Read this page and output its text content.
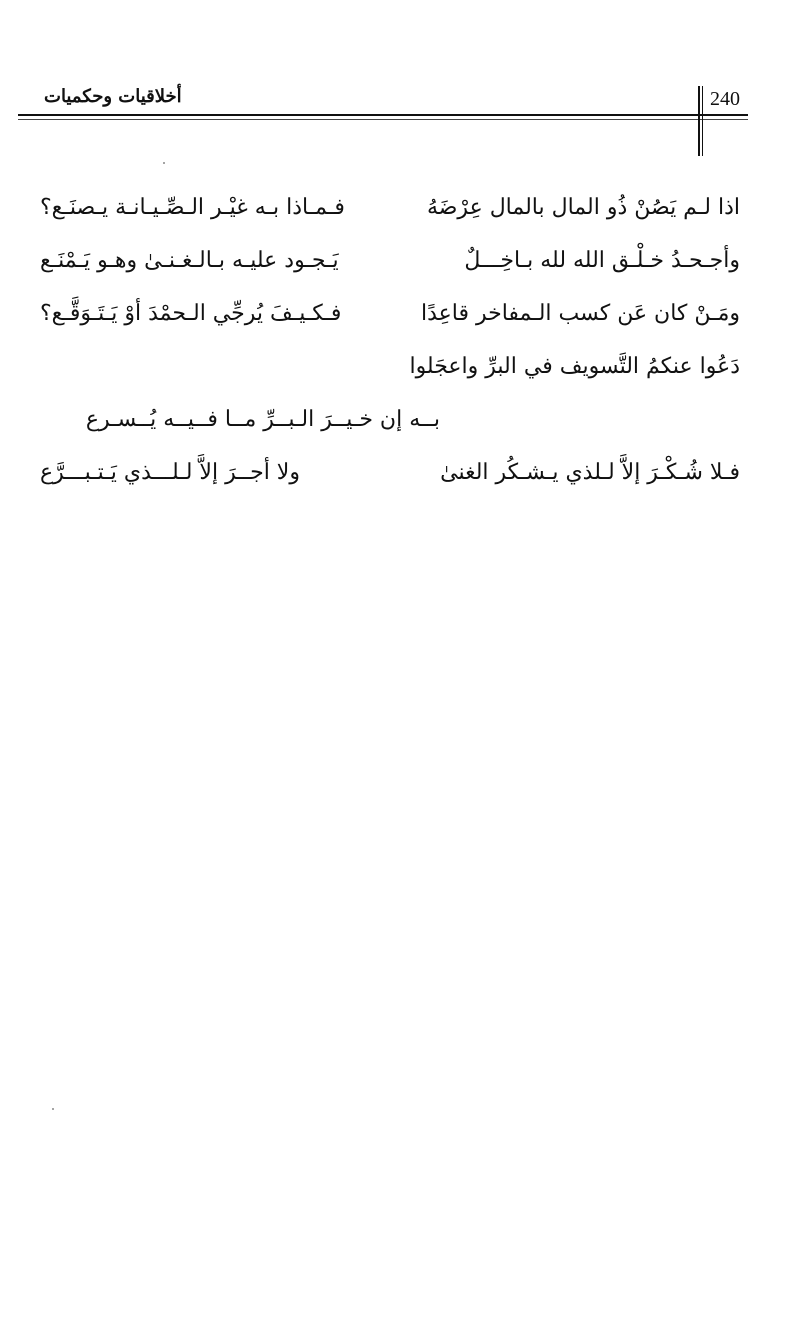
أخلاقيات وحكميات	240
اذا لـم يَصُنْ ذُو المال بالمال عِرْضَهُ
فـمـاذا بـه غيْـر الـصِّـيـانـة يـصنَـع؟
وأجـحـدُ خـلْـق الله لله بـاخِـــلٌ
يَـجـود عليـه بـالـغـنـىٰ وهـو يَـمْنَـع
ومَـنْ كان عَن كسب الـمفاخر قاعِدًا
فـكـيـفَ يُرجِّي الـحمْدَ أوْ يَـتَـوَقَّـع؟
دَعُوا عنكمُ التَّسويف في البرِّ واعجَلوا
بــه إن خـيــرَ الـبــرِّ مــا فــيــه يُــسـرع
فـلا شُـكْـرَ إلاَّ لـلذي يـشـكُر الغنىٰ
ولا أجــرَ إلاَّ لـلـــذي يَـتـبـــرَّع
